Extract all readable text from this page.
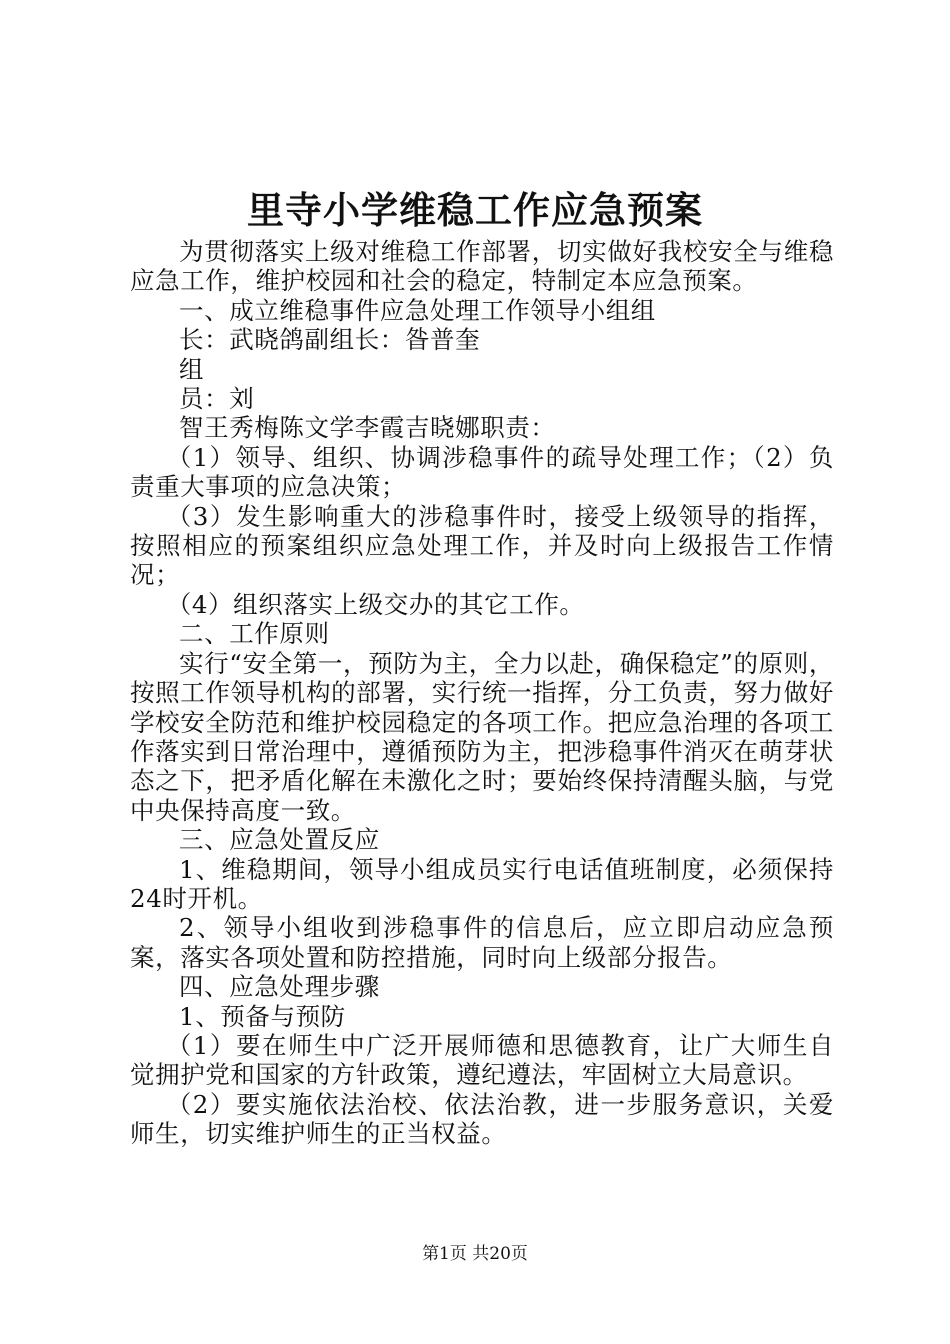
里寺小学维稳工作应急预案

为贯彻落实上级对维稳工作部署，切实做好我校安全与维稳应急工作，维护校园和社会的稳定，特制定本应急预案。

一、成立维稳事件应急处理工作领导小组组

长：武晓鸽副组长：昝普奎

组

员：刘

智王秀梅陈文学李霞吉晓娜职责：

（1）领导、组织、协调涉稳事件的疏导处理工作；（2）负责重大事项的应急决策；

（3）发生影响重大的涉稳事件时，接受上级领导的指挥，按照相应的预案组织应急处理工作，并及时向上级报告工作情况；

（4）组织落实上级交办的其它工作。

二、工作原则

实行“安全第一，预防为主，全力以赴，确保稳定”的原则，按照工作领导机构的部署，实行统一指挥，分工负责，努力做好学校安全防范和维护校园稳定的各项工作。把应急治理的各项工作落实到日常治理中，遵循预防为主，把涉稳事件消灭在萌芽状态之下，把矛盾化解在未激化之时；要始终保持清醒头脑，与党中央保持高度一致。

三、应急处置反应

1、维稳期间，领导小组成员实行电话值班制度，必须保持24时开机。

2、领导小组收到涉稳事件的信息后，应立即启动应急预案，落实各项处置和防控措施，同时向上级部分报告。

四、应急处理步骤

1、预备与预防

（1）要在师生中广泛开展师德和思德教育，让广大师生自觉拥护党和国家的方针政策，遵纪遵法，牢固树立大局意识。

（2）要实施依法治校、依法治教，进一步服务意识，关爱师生，切实维护师生的正当权益。

第1页 共20页
